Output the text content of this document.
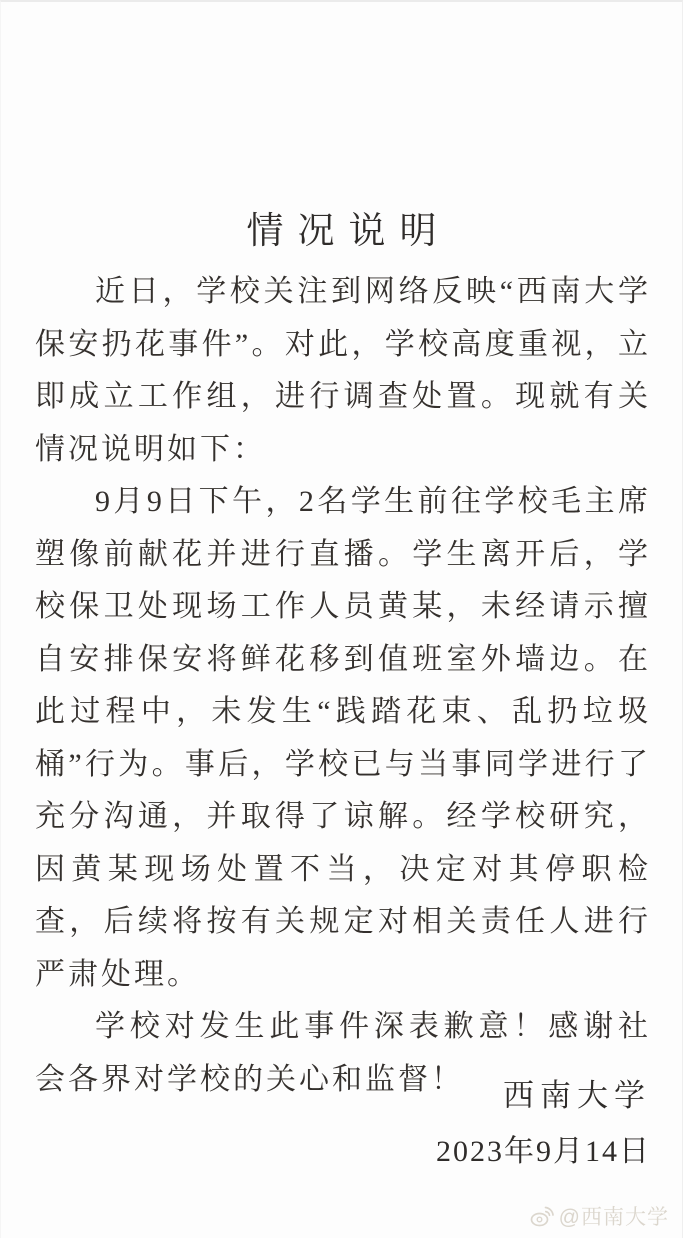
情况说明

近日，学校关注到网络反映“西南大学保安扔花事件”。对此，学校高度重视，立即成立工作组，进行调查处置。现就有关情况说明如下：

9月9日下午，2名学生前往学校毛主席塑像前献花并进行直播。学生离开后，学校保卫处现场工作人员黄某，未经请示擅自安排保安将鲜花移到值班室外墙边。在此过程中，未发生“践踏花束、乱扔垃圾桶”行为。事后，学校已与当事同学进行了充分沟通，并取得了谅解。经学校研究，因黄某现场处置不当，决定对其停职检查，后续将按有关规定对相关责任人进行严肃处理。

学校对发生此事件深表歉意！感谢社会各界对学校的关心和监督！	西南大学
2023年9月14日
@西南大学
